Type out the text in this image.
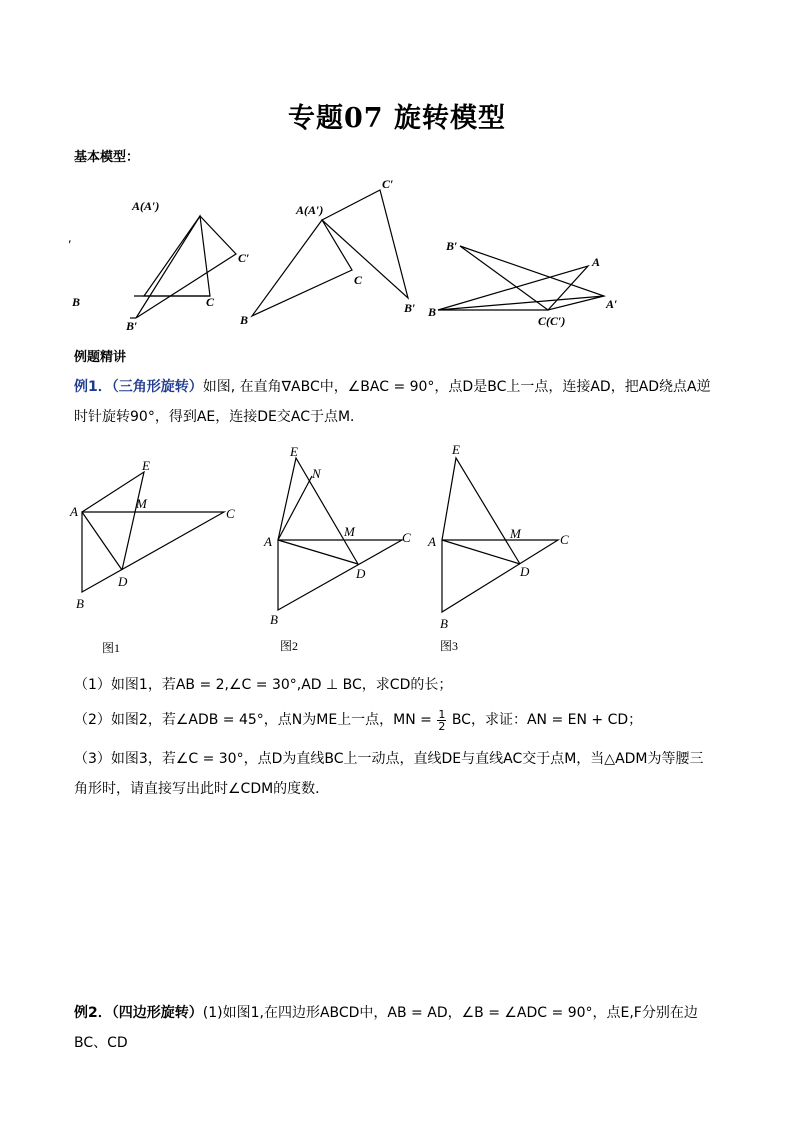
专题07 旋转模型
基本模型：
A(A′)
′
B	C
B′
C′
A(A′)
C′
C
B
B′
B′
A
A′
B
C(C′)
例题精讲
例1．（三角形旋转）如图, 在直角∇ABC中，∠BAC = 90°，点D是BC上一点，连接AD，把AD绕点A逆
时针旋转90°，得到AE，连接DE交AC于点M．
E
M
A	C
D
B
E
N
A
M	C
D
B
E
A
M	C
D
B
图1	图2	图3
（1）如图1，若AB = 2,∠C = 30°,AD ⊥ BC，求CD的长；
（2）如图2，若∠ADB = 45°，点N为ME上一点，MN = $\frac{1}{2}$ BC，求证：AN = EN + CD；
（3）如图3，若∠C = 30°，点D为直线BC上一动点，直线DE与直线AC交于点M，当△ADM为等腰三
角形时，请直接写出此时∠CDM的度数．
例2．（四边形旋转）(1)如图1,在四边形ABCD中，AB = AD，∠B = ∠ADC = 90°，点E,F分别在边BC、CD
